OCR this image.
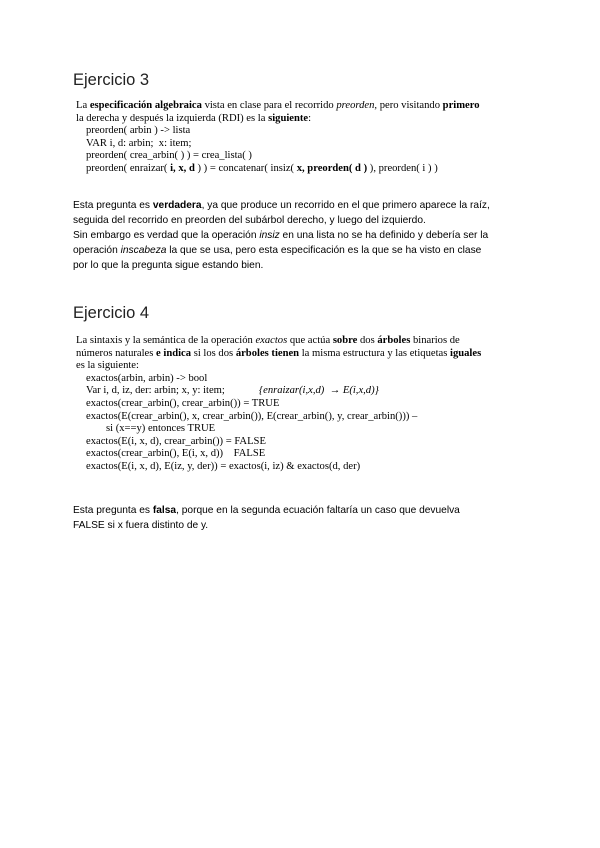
Ejercicio 3

La especificación algebraica vista en clase para el recorrido preorden, pero visitando primero

la derecha y después la izquierda (RDI) es la siguiente:

preorden( arbin ) -> lista

VAR i, d: arbin;  x: item;

preorden( crea_arbin( ) ) = crea_lista( )

preorden( enraizar( i, x, d ) ) = concatenar( insiz( x, preorden( d ) ), preorden( i ) )

Esta pregunta es verdadera, ya que produce un recorrido en el que primero aparece la raíz,

seguida del recorrido en preorden del subárbol derecho, y luego del izquierdo.

Sin embargo es verdad que la operación insiz en una lista no se ha definido y debería ser la

operación inscabeza la que se usa, pero esta especificación es la que se ha visto en clase

por lo que la pregunta sigue estando bien.

Ejercicio 4

La sintaxis y la semántica de la operación exactos que actúa sobre dos árboles binarios de

números naturales e indica si los dos árboles tienen la misma estructura y las etiquetas iguales

es la siguiente:

exactos(arbin, arbin) -> bool

Var i, d, iz, der: arbin; x, y: item;	{enraizar(i,x,d)  → E(i,x,d)}

exactos(crear_arbin(), crear_arbin()) = TRUE

exactos(E(crear_arbin(), x, crear_arbin()), E(crear_arbin(), y, crear_arbin())) –

si (x==y) entonces TRUE

exactos(E(i, x, d), crear_arbin()) = FALSE

exactos(crear_arbin(), E(i, x, d))    FALSE

exactos(E(i, x, d), E(iz, y, der)) = exactos(i, iz) & exactos(d, der)

Esta pregunta es falsa, porque en la segunda ecuación faltaría un caso que devuelva

FALSE si x fuera distinto de y.
